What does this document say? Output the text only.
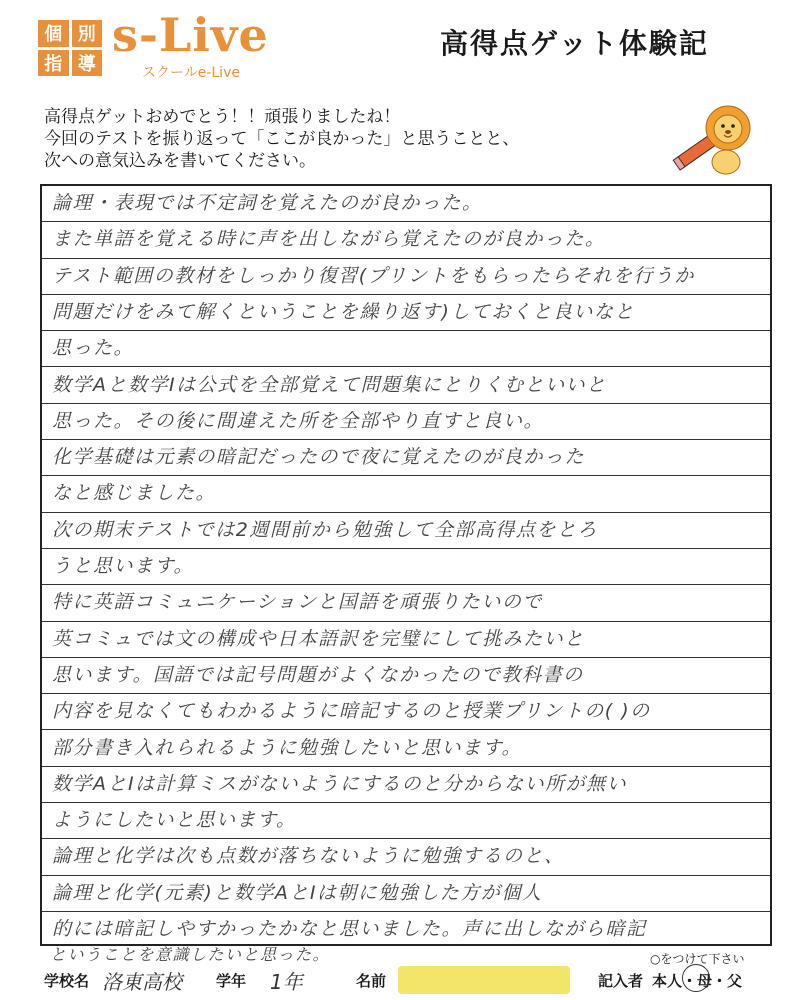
個 別
指 導
s-Live
スクールe-Live
高得点ゲット体験記
高得点ゲットおめでとう！！頑張りましたね！
今回のテストを振り返って「ここが良かった」と思うことと、
次への意気込みを書いてください。
論理・表現では不定詞を覚えたのが良かった。
また単語を覚える時に声を出しながら覚えたのが良かった。
テスト範囲の教材をしっかり復習(プリントをもらったらそれを行うか
問題だけをみて解くということを繰り返す)しておくと良いなと
思った。
数学Aと数学Iは公式を全部覚えて問題集にとりくむといいと
思った。その後に間違えた所を全部やり直すと良い。
化学基礎は元素の暗記だったので夜に覚えたのが良かった
なと感じました。
次の期末テストでは2週間前から勉強して全部高得点をとろ
うと思います。
特に英語コミュニケーションと国語を頑張りたいので
英コミュでは文の構成や日本語訳を完璧にして挑みたいと
思います。国語では記号問題がよくなかったので教科書の
内容を見なくてもわかるように暗記するのと授業プリントの( )の
部分書き入れられるように勉強したいと思います。
数学AとIは計算ミスがないようにするのと分からない所が無い
ようにしたいと思います。
論理と化学は次も点数が落ちないように勉強するのと、
論理と化学(元素)と数学AとIは朝に勉強した方が個人
的には暗記しやすかったかなと思いました。声に出しながら暗記
ということを意識したいと思った。	○をつけて下さい
学校名 洛東高校 学年 1年	名前	記入者 本人・母・父
